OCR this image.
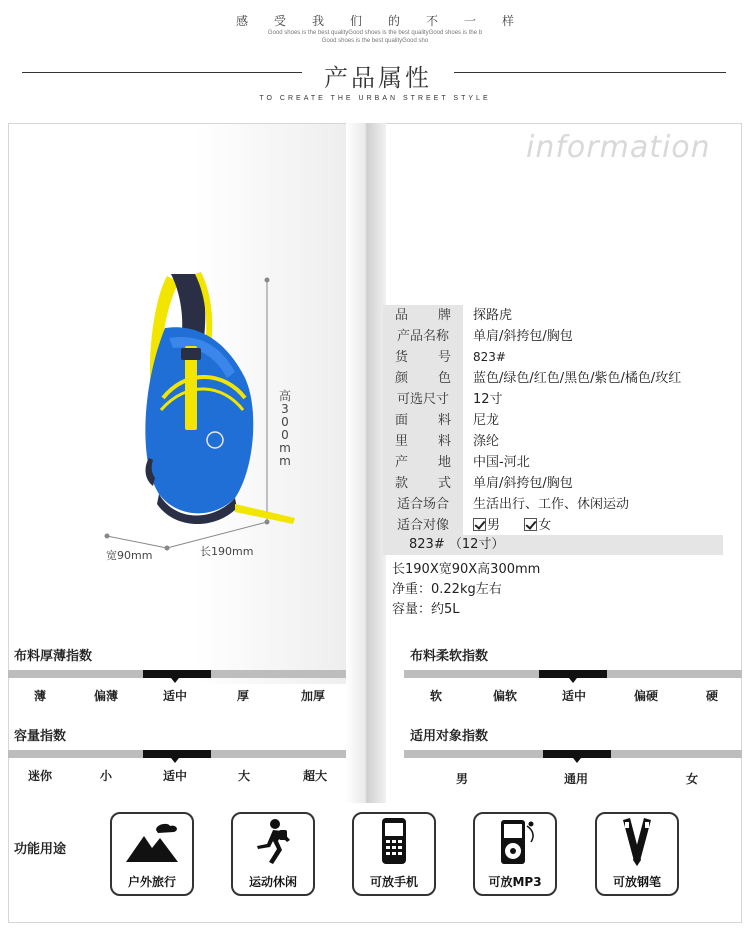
感受我们的不一样
Good shoes is the best qualityGood shoes is the best qualityGood shoes is the b
Good shoes is the best qualityGood sho
产品属性
TO CREATE THE URBAN STREET STYLE
information
高300mm
宽90mm	长190mm
品牌	探路虎
产品名称	单肩/斜挎包/胸包
货号	823#
颜色	蓝色/绿色/红色/黑色/紫色/橘色/玫红
可选尺寸	12寸
面料	尼龙
里料	涤纶
产地	中国-河北
款式	单肩/斜挎包/胸包
适合场合	生活出行、工作、休闲运动
适合对像	男	女
823# （12寸）
长190X宽90X高300mm
净重：0.22kg左右
容量：约5L
布料厚薄指数
薄	偏薄	适中	厚	加厚
布料柔软指数
软	偏软	适中	偏硬	硬
容量指数
迷你	小	适中	大	超大
适用对象指数
男	通用	女
功能用途
户外旅行	运动休闲	可放手机	可放MP3	可放钢笔
